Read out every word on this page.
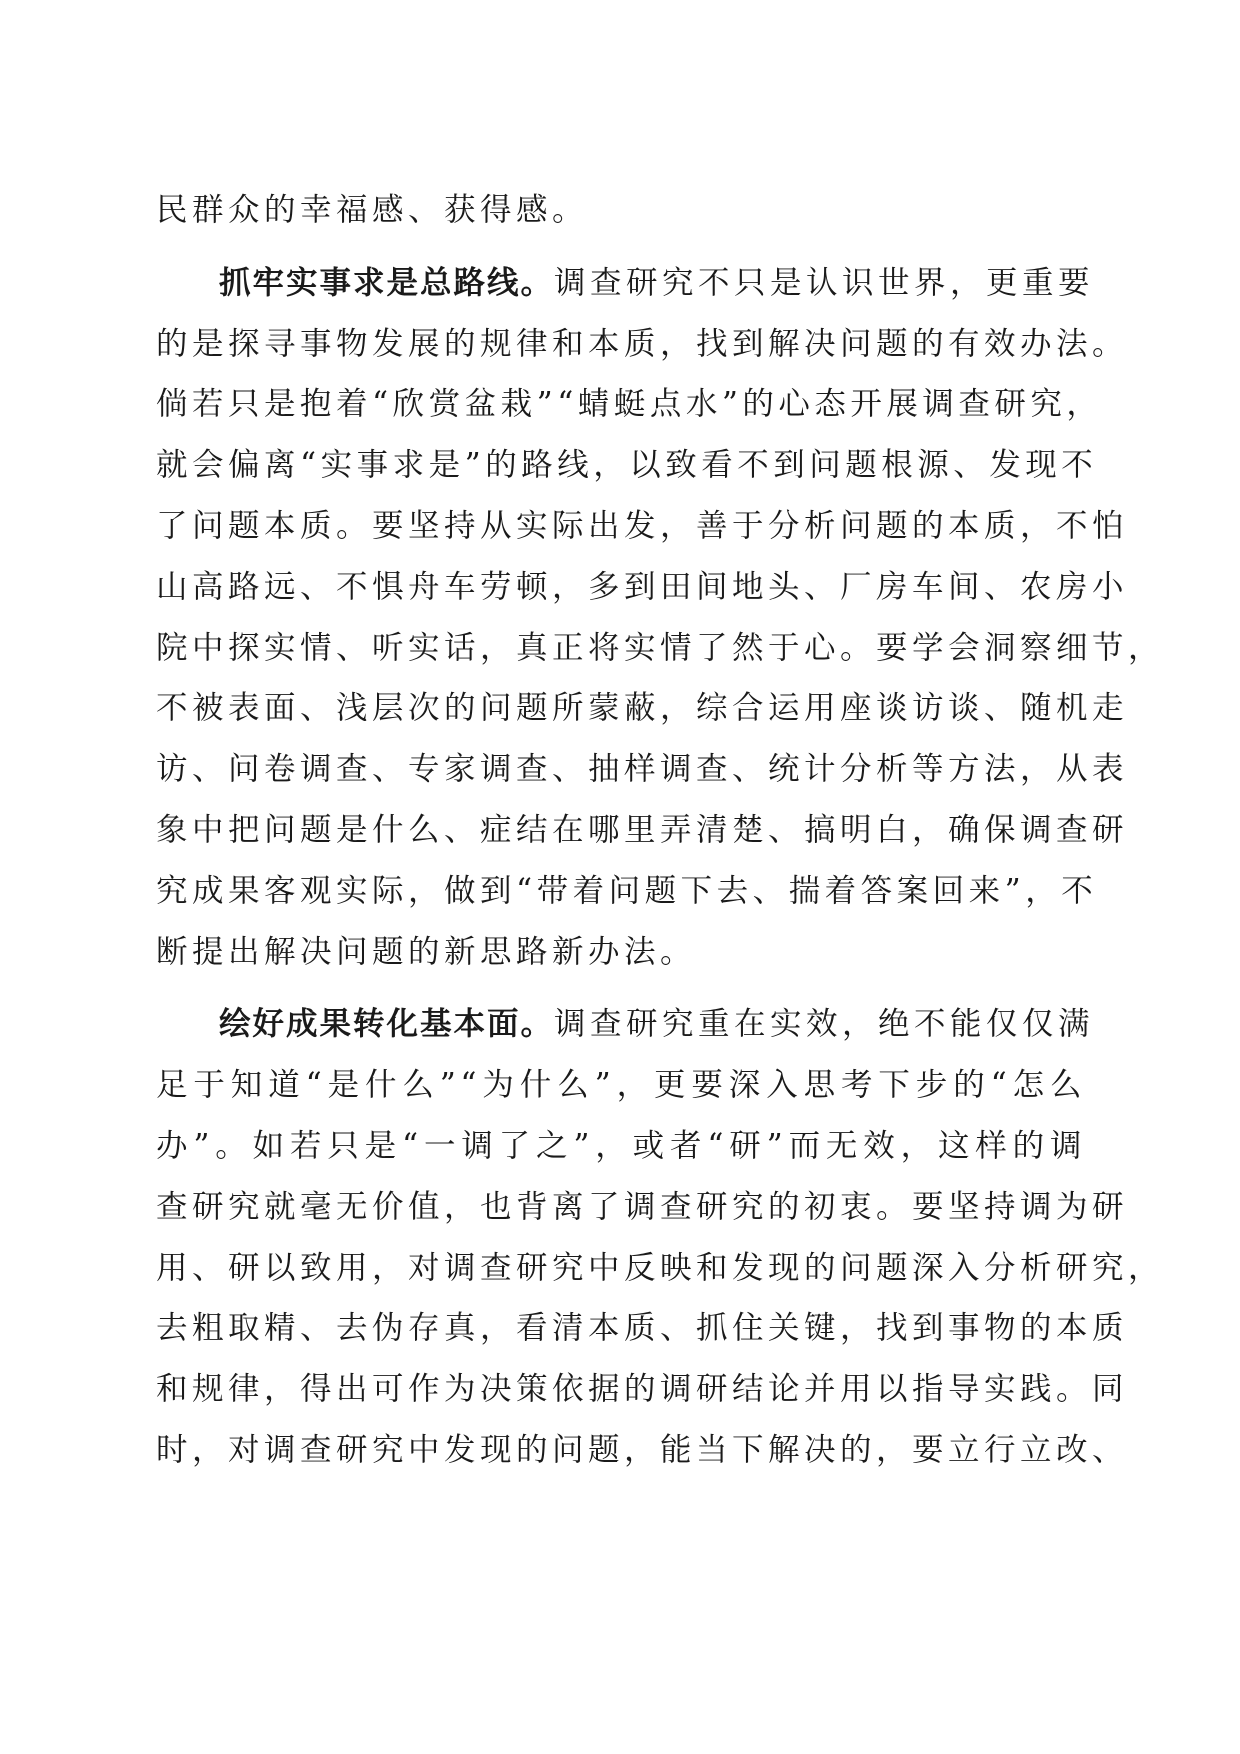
民群众的幸福感、获得感。
抓牢实事求是总路线。调查研究不只是认识世界，更重要
的是探寻事物发展的规律和本质，找到解决问题的有效办法。
倘若只是抱着“欣赏盆栽”“蜻蜓点水”的心态开展调查研究，
就会偏离“实事求是”的路线，以致看不到问题根源、发现不
了问题本质。要坚持从实际出发，善于分析问题的本质，不怕
山高路远、不惧舟车劳顿，多到田间地头、厂房车间、农房小
院中探实情、听实话，真正将实情了然于心。要学会洞察细节，
不被表面、浅层次的问题所蒙蔽，综合运用座谈访谈、随机走
访、问卷调查、专家调查、抽样调查、统计分析等方法，从表
象中把问题是什么、症结在哪里弄清楚、搞明白，确保调查研
究成果客观实际，做到“带着问题下去、揣着答案回来”，不
断提出解决问题的新思路新办法。
绘好成果转化基本面。调查研究重在实效，绝不能仅仅满
足于知道“是什么”“为什么”，更要深入思考下步的“怎么
办”。如若只是“一调了之”，或者“研”而无效，这样的调
查研究就毫无价值，也背离了调查研究的初衷。要坚持调为研
用、研以致用，对调查研究中反映和发现的问题深入分析研究，
去粗取精、去伪存真，看清本质、抓住关键，找到事物的本质
和规律，得出可作为决策依据的调研结论并用以指导实践。同
时，对调查研究中发现的问题，能当下解决的，要立行立改、
